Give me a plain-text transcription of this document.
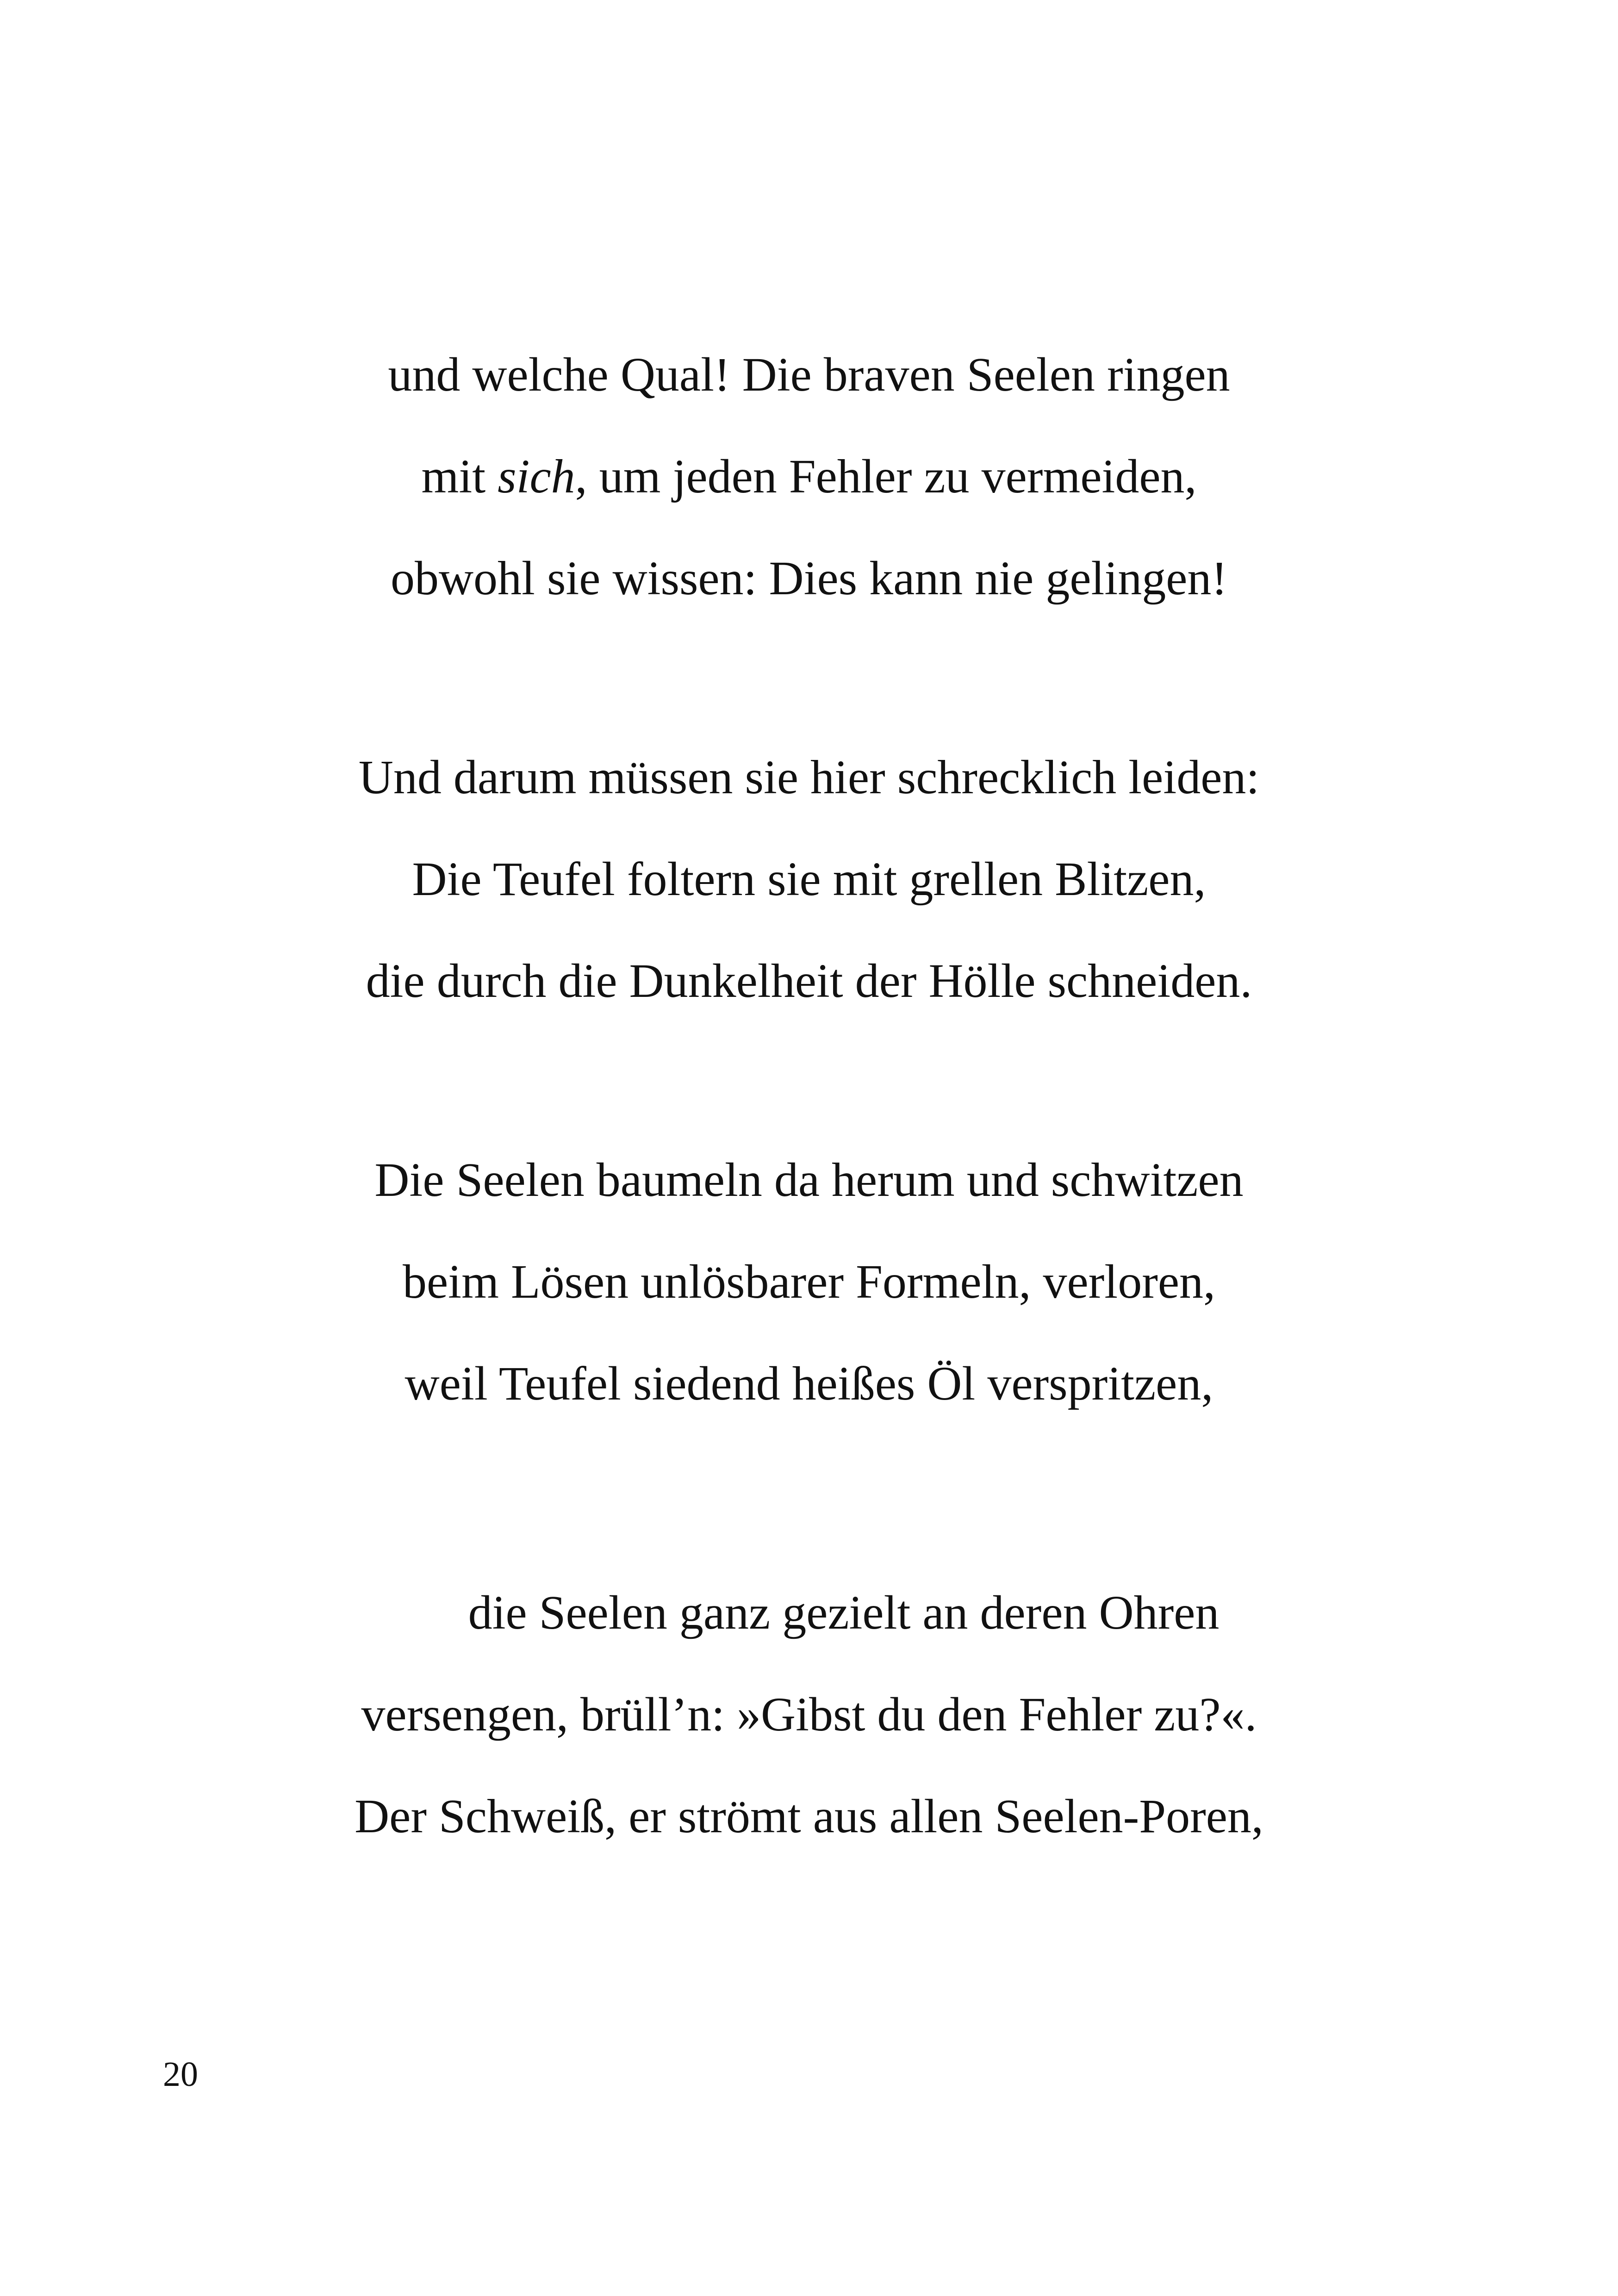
und welche Qual! Die braven Seelen ringen
mit sich, um jeden Fehler zu vermeiden,
obwohl sie wissen: Dies kann nie gelingen!
Und darum müssen sie hier schrecklich leiden:
Die Teufel foltern sie mit grellen Blitzen,
die durch die Dunkelheit der Hölle schneiden.
Die Seelen baumeln da herum und schwitzen
beim Lösen unlösbarer Formeln, verloren,
weil Teufel siedend heißes Öl verspritzen,
die Seelen ganz gezielt an deren Ohren
versengen, brüll’n: »Gibst du den Fehler zu?«.
Der Schweiß, er strömt aus allen Seelen-Poren,
20
